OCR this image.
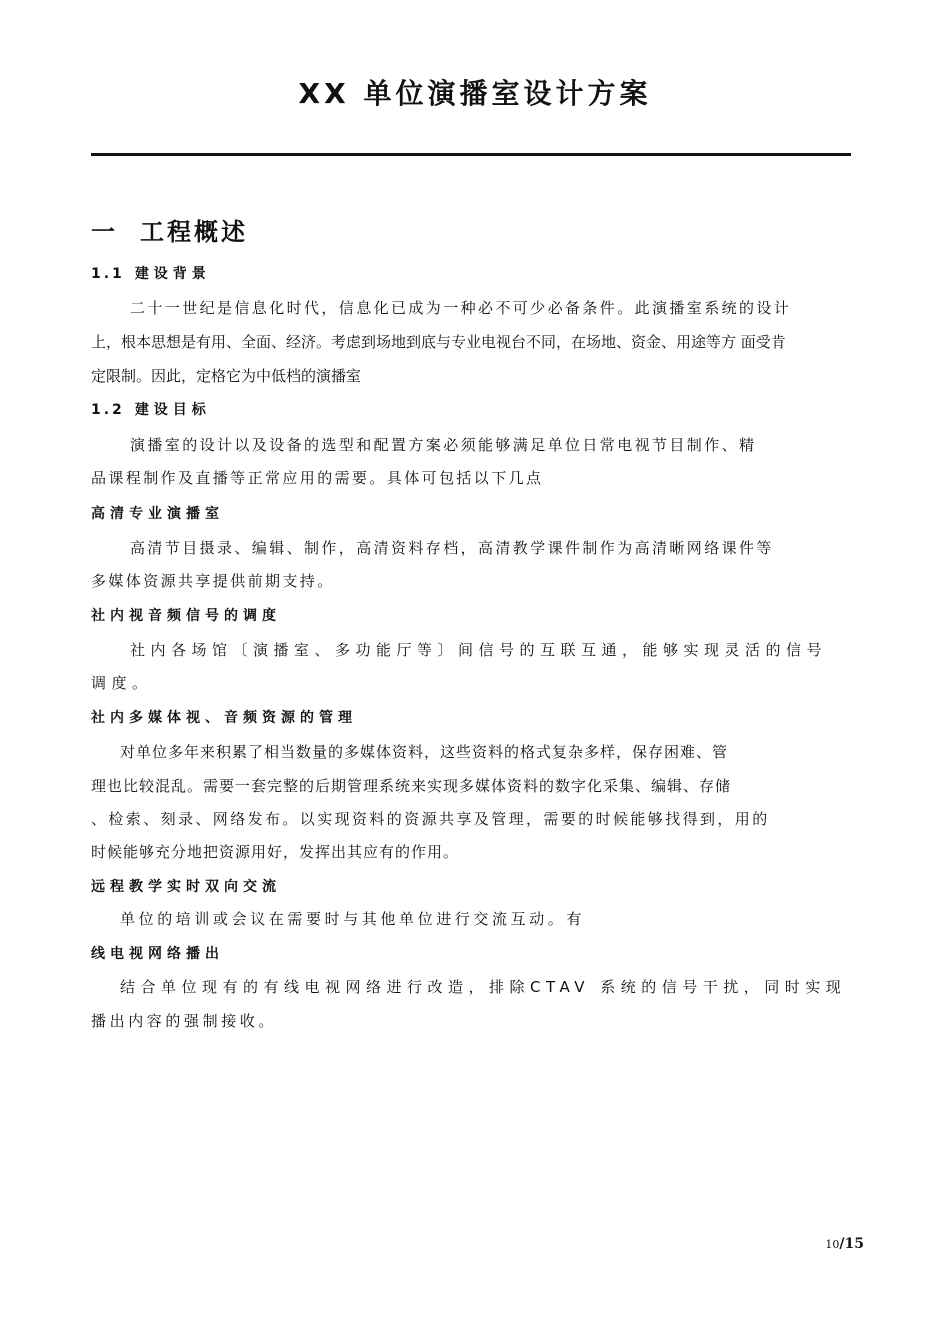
XX 单位演播室设计方案
一 工程概述
1.1 建设背景

二十一世纪是信息化时代，信息化已成为一种必不可少必备条件。此演播室系统的设计

上，根本思想是有用、全面、经济。考虑到场地到底与专业电视台不同，在场地、资金、用途等方 面受肯

定限制。因此，定格它为中低档的演播室

1.2 建设目标

演播室的设计以及设备的选型和配置方案必须能够满足单位日常电视节目制作、精

品课程制作及直播等正常应用的需要。具体可包括以下几点

高清专业演播室

高清节目摄录、编辑、制作，高清资料存档，高清教学课件制作为高清晰网络课件等

多媒体资源共享提供前期支持。

社内视音频信号的调度

社内各场馆〔演播室、多功能厅等〕间信号的互联互通，能够实现灵活的信号

调度。

社内多媒体视、音频资源的管理

对单位多年来积累了相当数量的多媒体资料，这些资料的格式复杂多样，保存困难、管

理也比较混乱。需要一套完整的后期管理系统来实现多媒体资料的数字化采集、编辑、存储

、检索、刻录、网络发布。以实现资料的资源共享及管理，需要的时候能够找得到，用的

时候能够充分地把资源用好，发挥出其应有的作用。

远程教学实时双向交流

单位的培训或会议在需要时与其他单位进行交流互动。有

线电视网络播出

结合单位现有的有线电视网络进行改造，排除CTAV 系统的信号干扰，同时实现

播出内容的强制接收。

10/15
